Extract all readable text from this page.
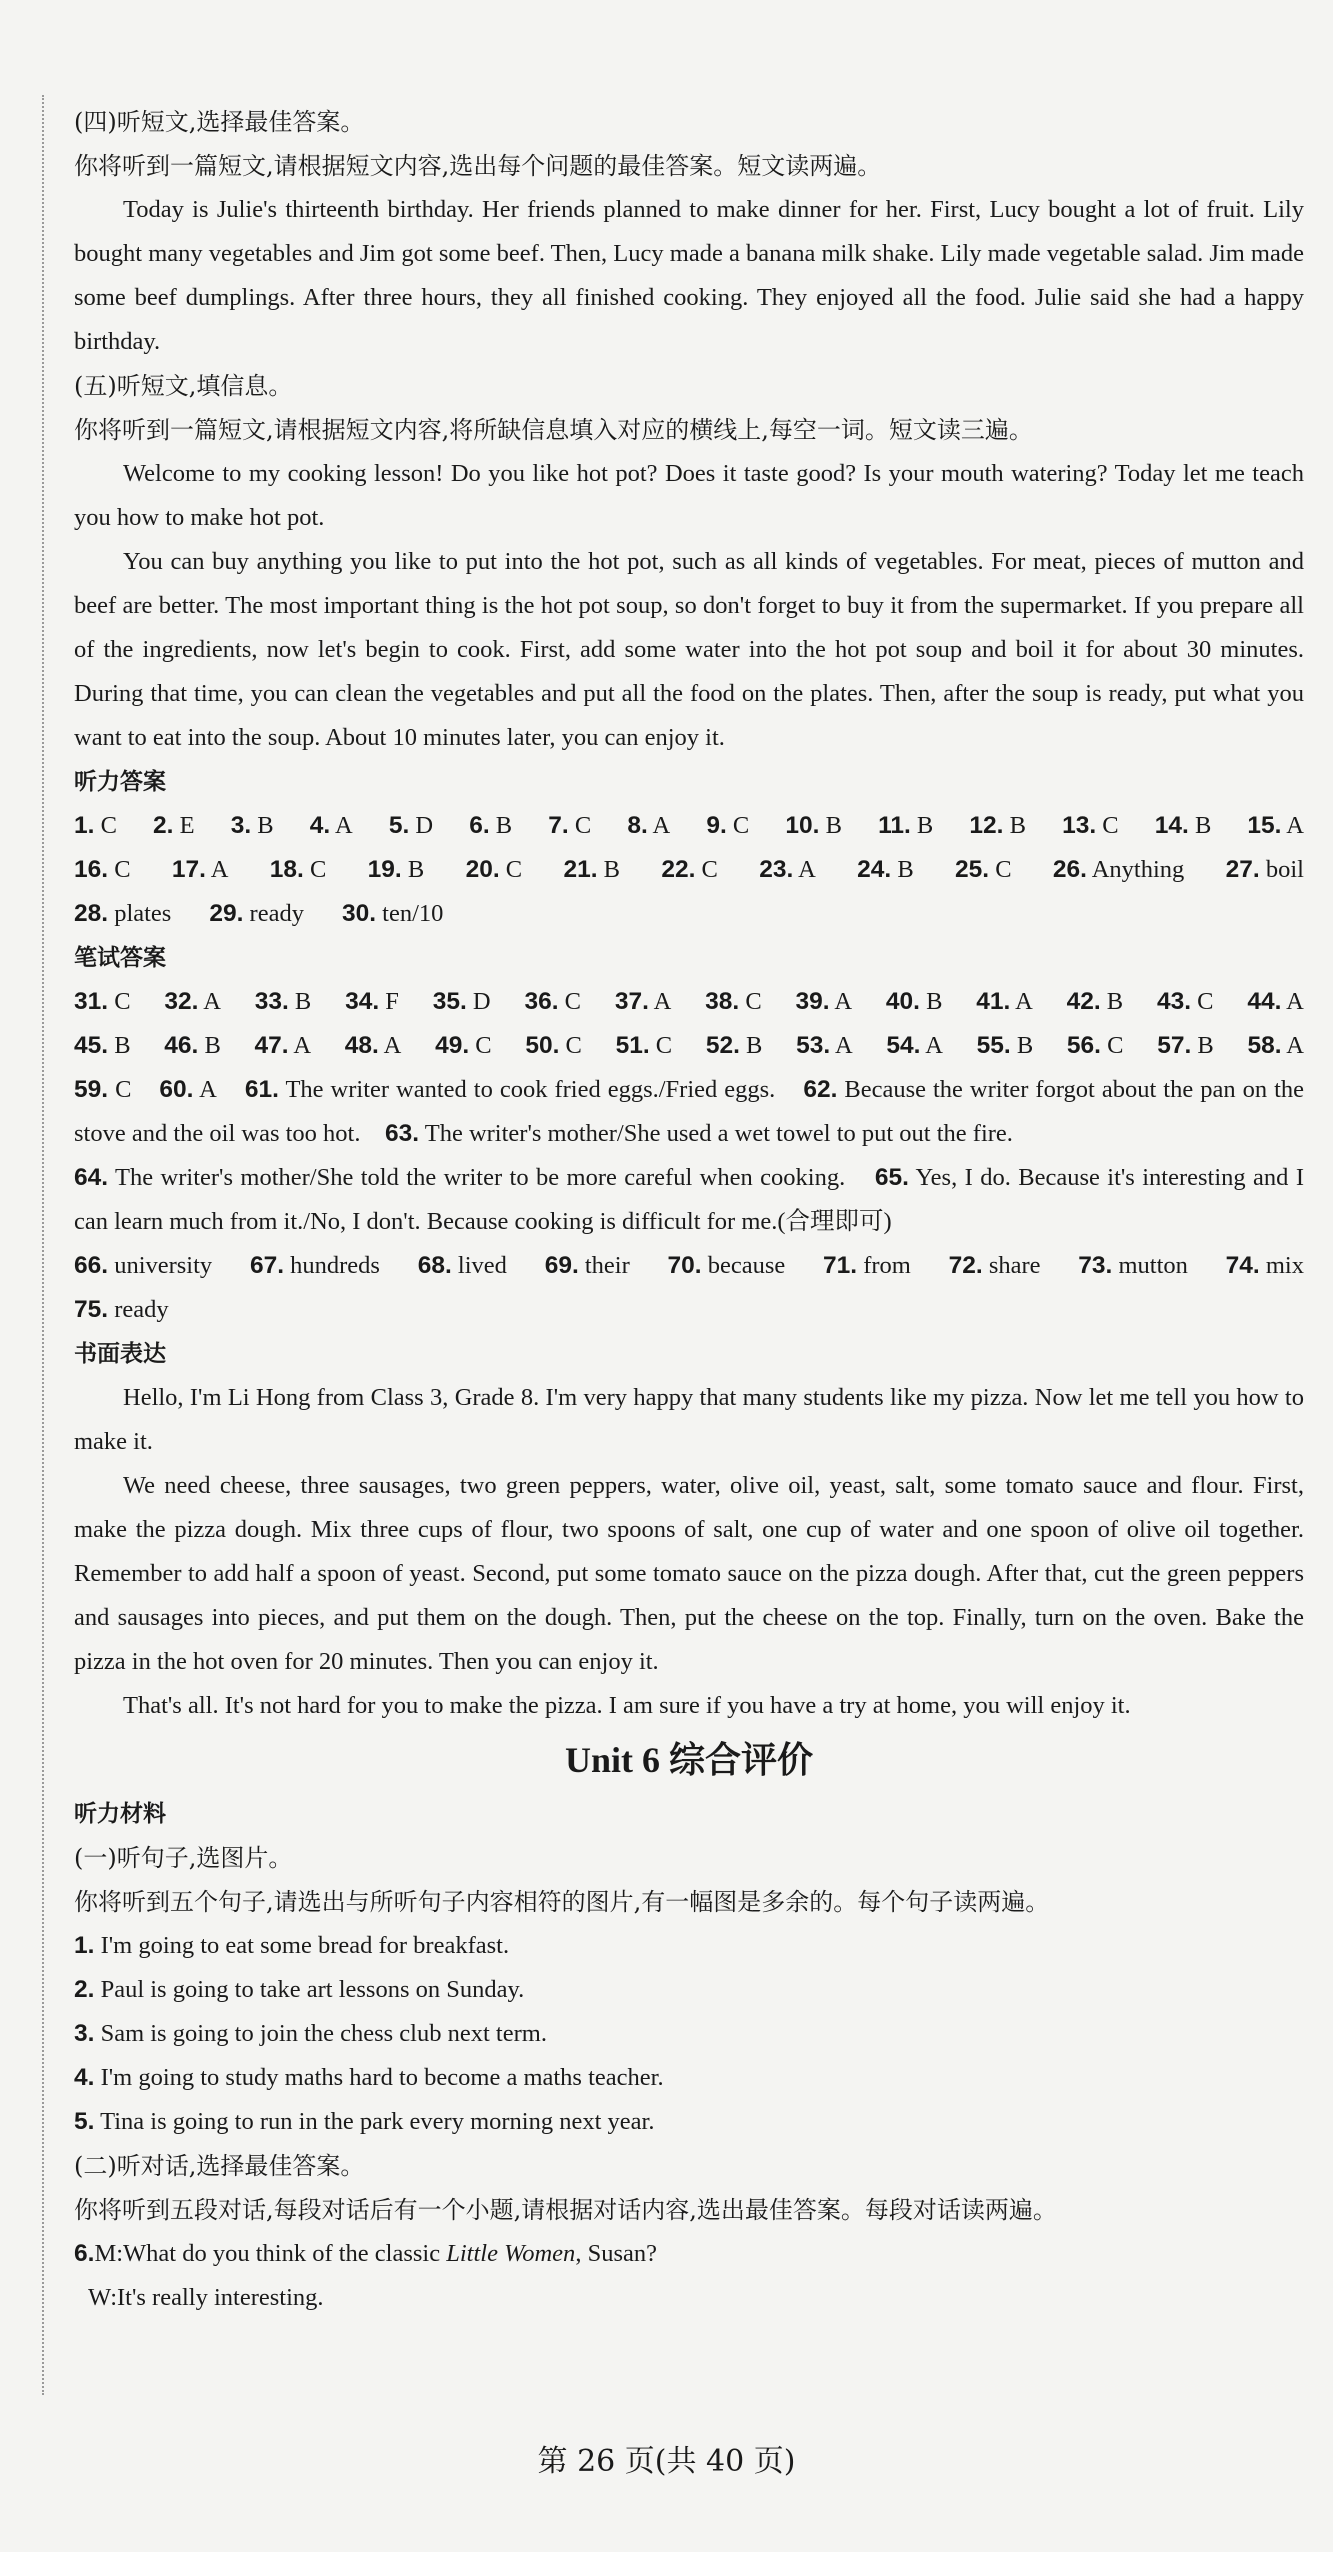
(四)听短文,选择最佳答案。

你将听到一篇短文,请根据短文内容,选出每个问题的最佳答案。短文读两遍。

Today is Julie's thirteenth birthday. Her friends planned to make dinner for her. First, Lucy bought a lot of fruit. Lily bought many vegetables and Jim got some beef. Then, Lucy made a banana milk shake. Lily made vegetable salad. Jim made some beef dumplings. After three hours, they all finished cooking. They enjoyed all the food. Julie said she had a happy birthday.

(五)听短文,填信息。

你将听到一篇短文,请根据短文内容,将所缺信息填入对应的横线上,每空一词。短文读三遍。

Welcome to my cooking lesson! Do you like hot pot? Does it taste good? Is your mouth watering? Today let me teach you how to make hot pot.

You can buy anything you like to put into the hot pot, such as all kinds of vegetables. For meat, pieces of mutton and beef are better. The most important thing is the hot pot soup, so don't forget to buy it from the supermarket. If you prepare all of the ingredients, now let's begin to cook. First, add some water into the hot pot soup and boil it for about 30 minutes. During that time, you can clean the vegetables and put all the food on the plates. Then, after the soup is ready, put what you want to eat into the soup. About 10 minutes later, you can enjoy it.

听力答案

1. C 2. E 3. B 4. A 5. D 6. B 7. C 8. A 9. C 10. B 11. B 12. B 13. C 14. B 15. A
16. C 17. A 18. C 19. B 20. C 21. B 22. C 23. A 24. B 25. C 26. Anything 27. boil
28. plates 29. ready 30. ten/10

笔试答案

31. C 32. A 33. B 34. F 35. D 36. C 37. A 38. C 39. A 40. B 41. A 42. B 43. C 44. A
45. B 46. B 47. A 48. A 49. C 50. C 51. C 52. B 53. A 54. A 55. B 56. C 57. B 58. A

59. C 60. A 61. The writer wanted to cook fried eggs./Fried eggs. 62. Because the writer forgot about the pan on the stove and the oil was too hot. 63. The writer's mother/She used a wet towel to put out the fire.

64. The writer's mother/She told the writer to be more careful when cooking. 65. Yes, I do. Because it's interesting and I can learn much from it./No, I don't. Because cooking is difficult for me.(合理即可)

66. university 67. hundreds 68. lived 69. their 70. because 71. from 72. share 73. mutton 74. mix

75. ready

书面表达

Hello, I'm Li Hong from Class 3, Grade 8. I'm very happy that many students like my pizza. Now let me tell you how to make it.

We need cheese, three sausages, two green peppers, water, olive oil, yeast, salt, some tomato sauce and flour. First, make the pizza dough. Mix three cups of flour, two spoons of salt, one cup of water and one spoon of olive oil together. Remember to add half a spoon of yeast. Second, put some tomato sauce on the pizza dough. After that, cut the green peppers and sausages into pieces, and put them on the dough. Then, put the cheese on the top. Finally, turn on the oven. Bake the pizza in the hot oven for 20 minutes. Then you can enjoy it.

That's all. It's not hard for you to make the pizza. I am sure if you have a try at home, you will enjoy it.

Unit 6 综合评价

听力材料

(一)听句子,选图片。

你将听到五个句子,请选出与所听句子内容相符的图片,有一幅图是多余的。每个句子读两遍。

1. I'm going to eat some bread for breakfast.

2. Paul is going to take art lessons on Sunday.

3. Sam is going to join the chess club next term.

4. I'm going to study maths hard to become a maths teacher.

5. Tina is going to run in the park every morning next year.

(二)听对话,选择最佳答案。

你将听到五段对话,每段对话后有一个小题,请根据对话内容,选出最佳答案。每段对话读两遍。

6.M:What do you think of the classic Little Women, Susan?

W:It's really interesting.

第 26 页(共 40 页)
